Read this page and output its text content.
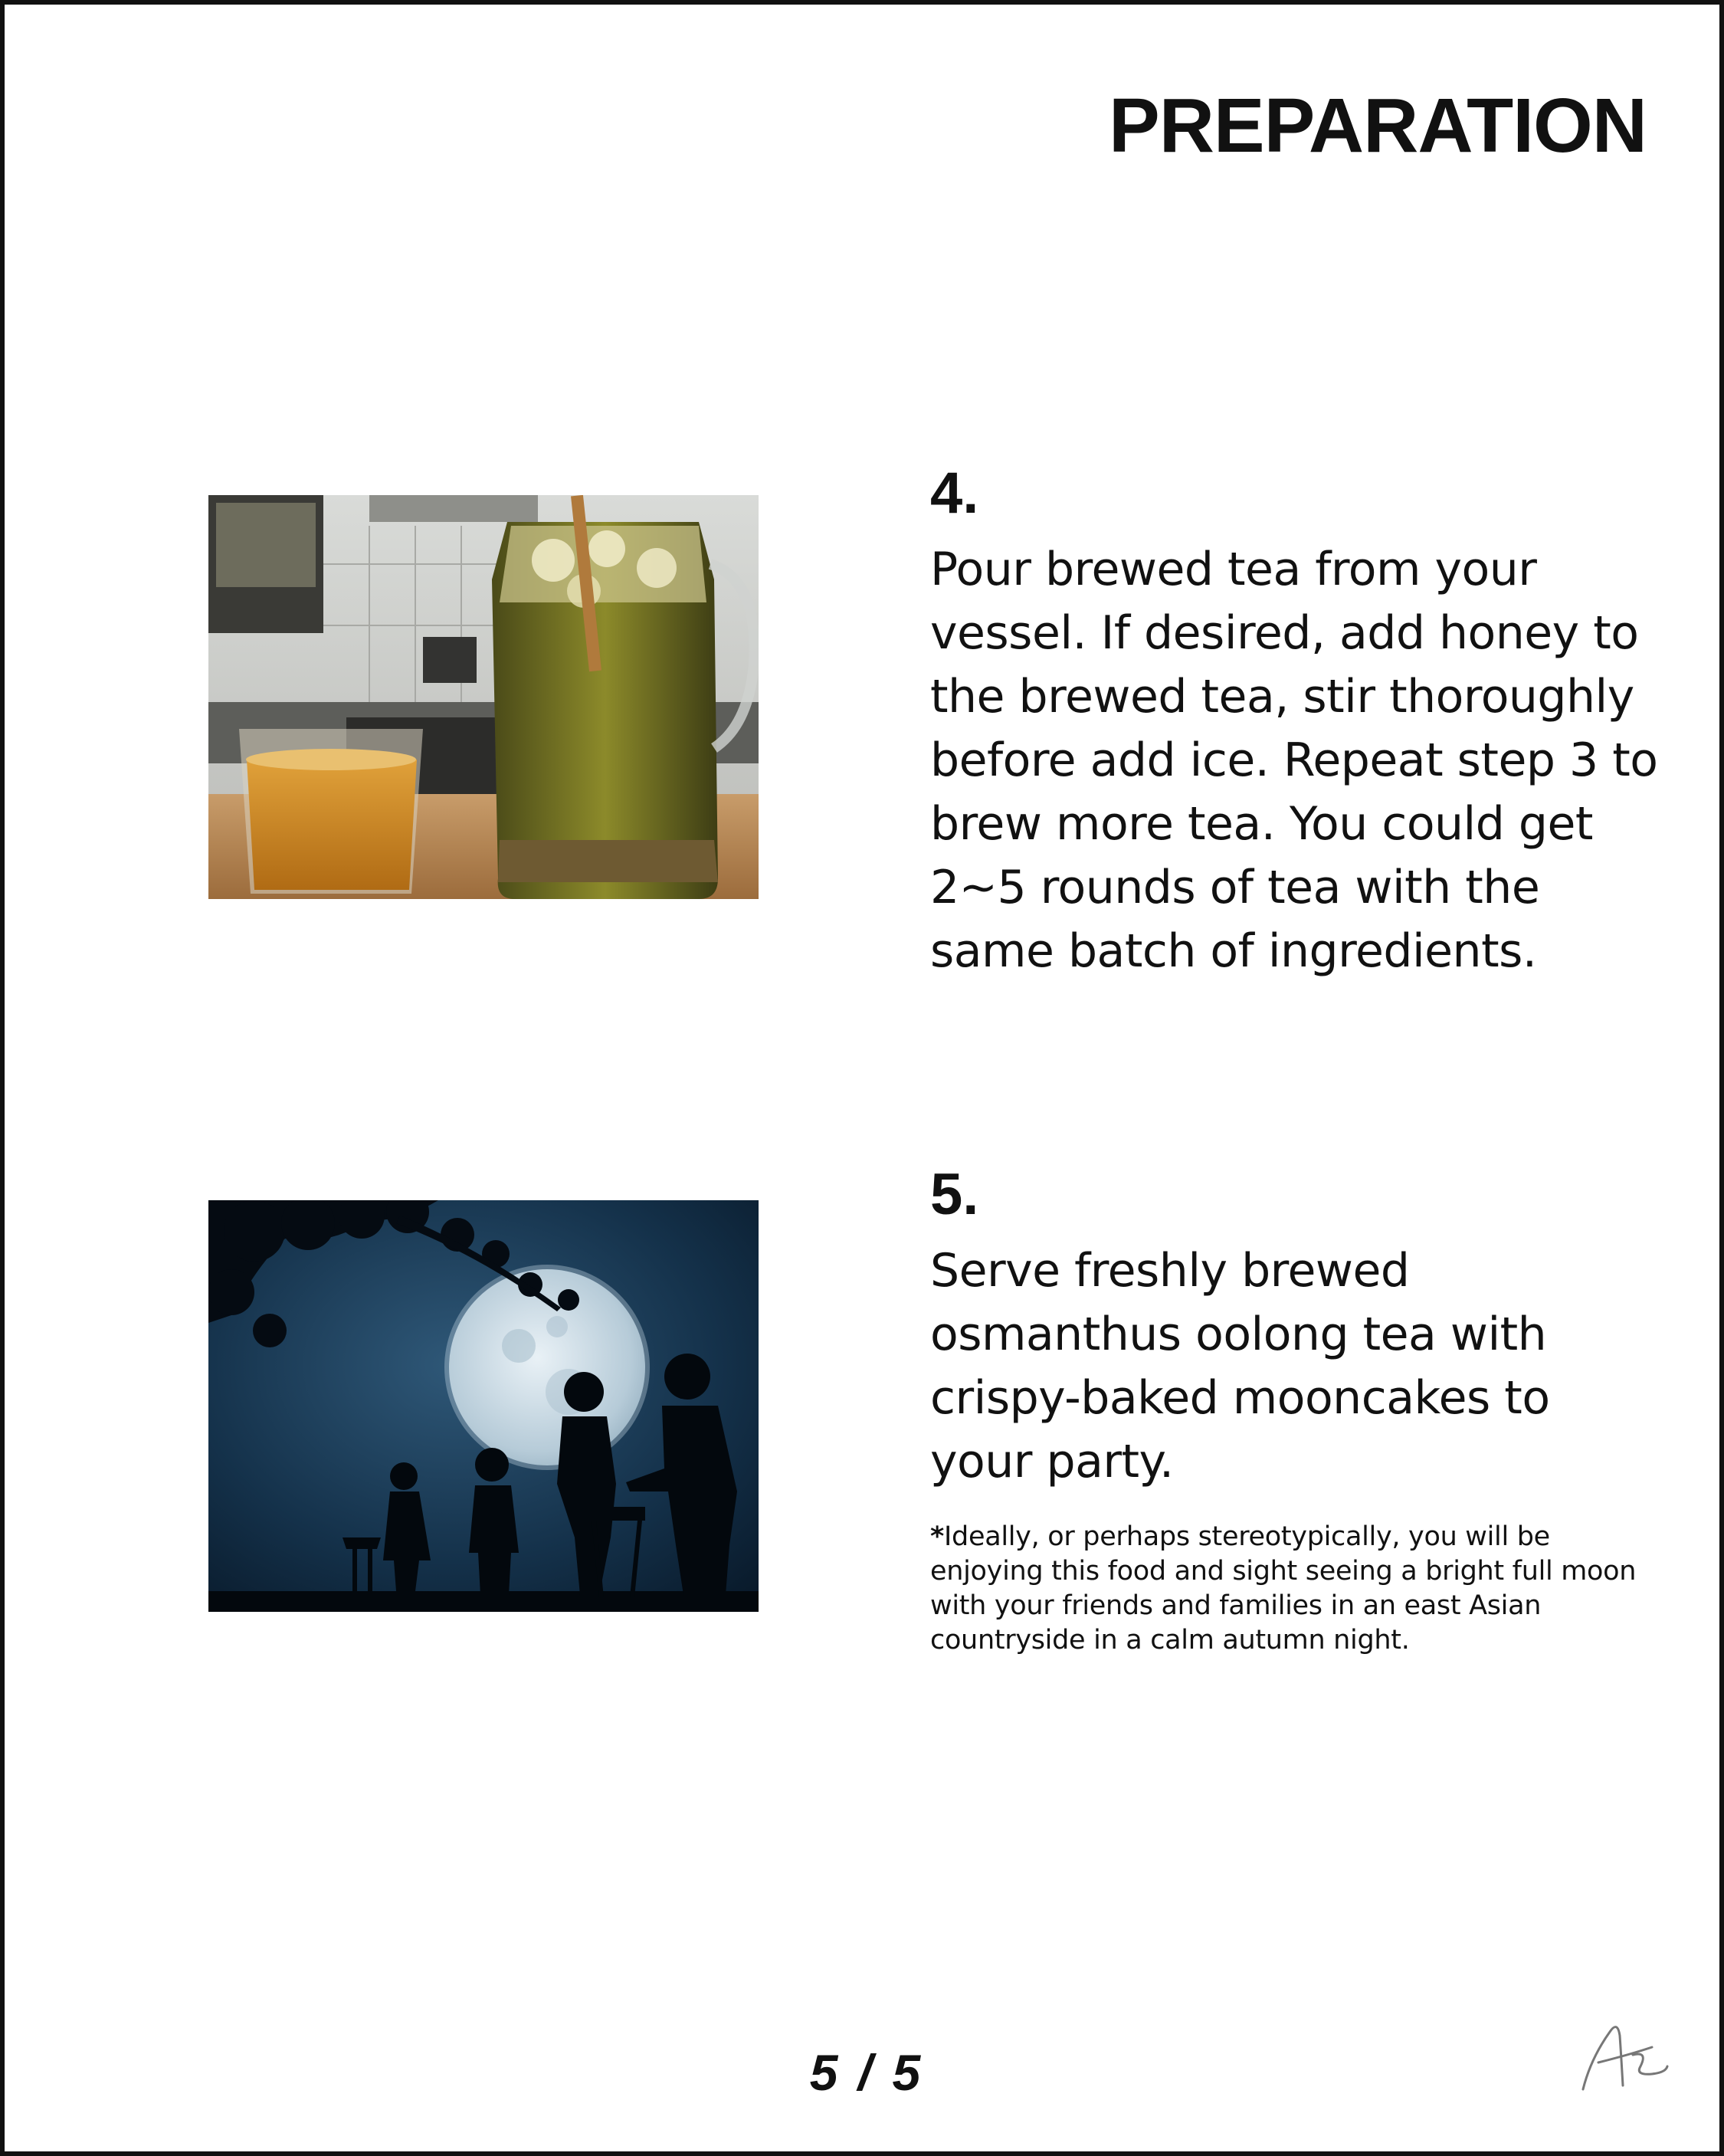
PREPARATION

4.

Pour brewed tea from your vessel. If desired, add honey to the brewed tea, stir thoroughly before add ice. Repeat step 3 to brew more tea. You could get 2~5 rounds of tea with the same batch of ingredients.

5.

Serve freshly brewed osmanthus oolong tea with crispy-baked mooncakes to your party.

*Ideally, or perhaps stereotypically, you will be enjoying this food and sight seeing a bright full moon with your friends and families in an east Asian countryside in a calm autumn night.
5 / 5
